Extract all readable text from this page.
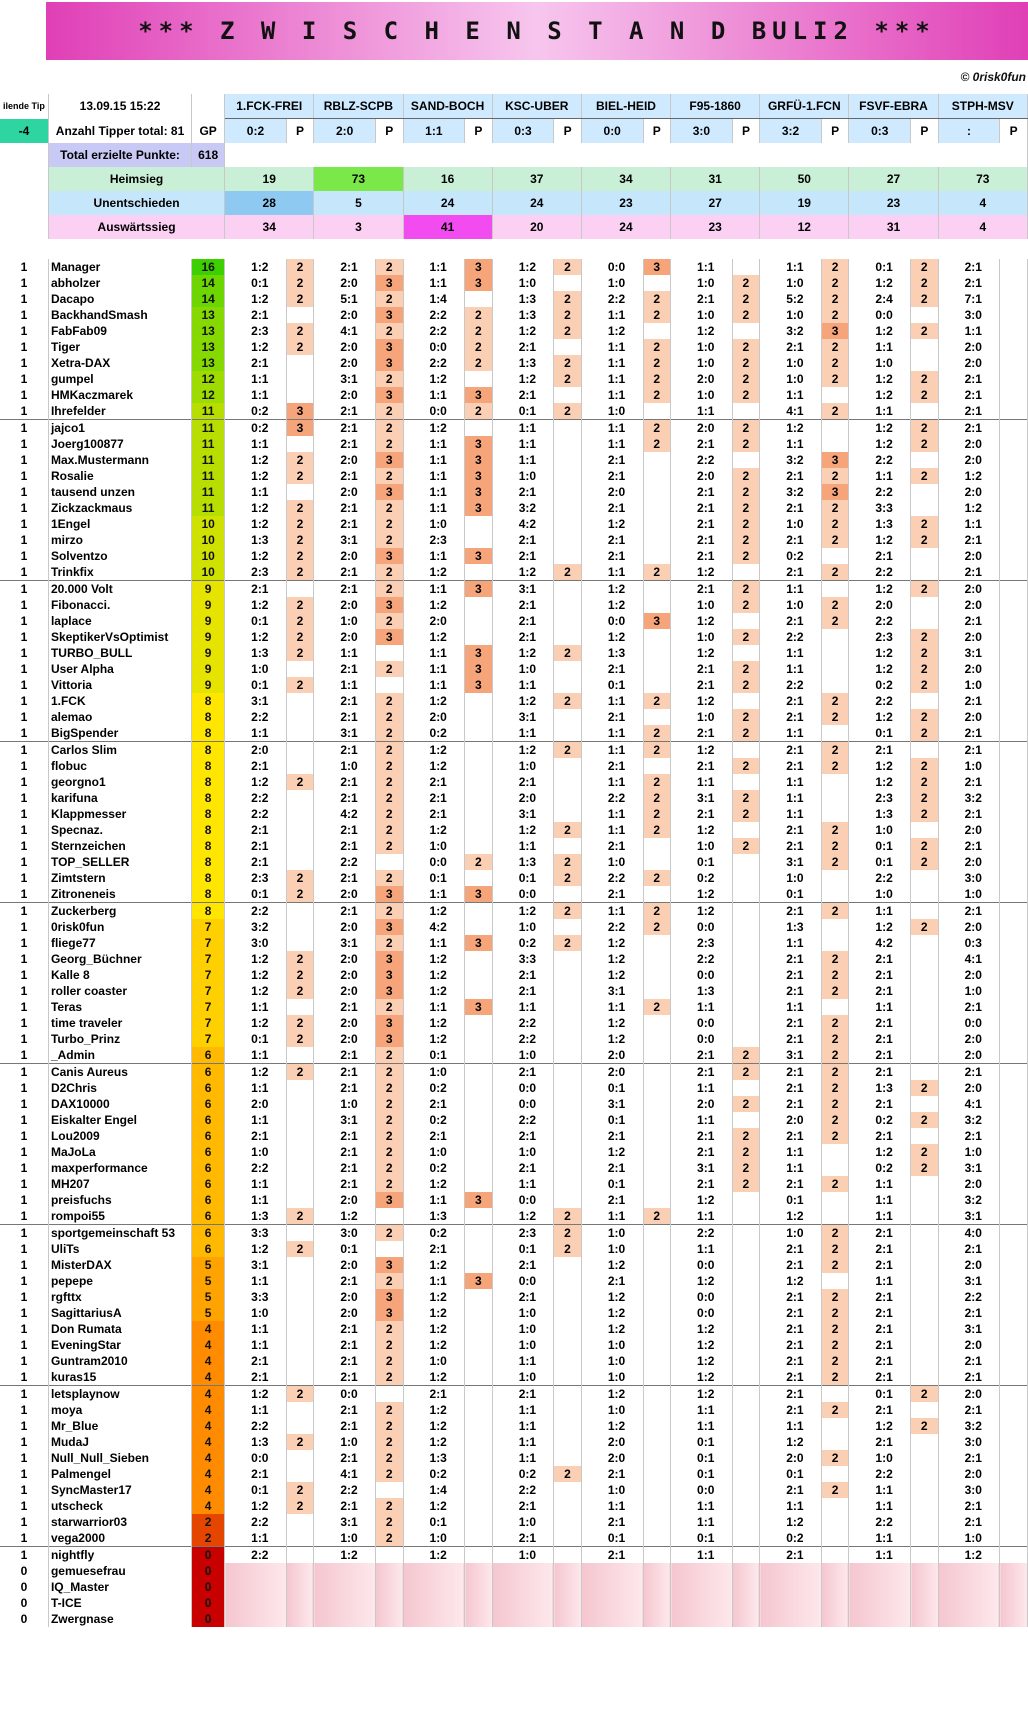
*** Z W I S C H E N S T A N D BULI2 ***
© 0risk0fun
ilende Tip	13.09.15 15:22		1.FCK-FREI		RBLZ-SCPB		SAND-BOCH		KSC-UBER		BIEL-HEID		F95-1860		GRFÜ-1.FCN		FSVF-EBRA		STPH-MSV	
-4	Anzahl Tipper total: 81	GP	0:2	P	2:0	P	1:1	P	0:3	P	0:0	P	3:0	P	3:2	P	0:3	P	:	P
	Total erzielte Punkte:	618																		
	Heimsieg		19		73		16		37		34		31		50		27		73	
	Unentschieden		28		5		24		24		23		27		19		23		4	
	Auswärtssieg		34		3		41		20		24		23		12		31		4	

1	Manager	16	1:2	2	2:1	2	1:1	3	1:2	2	0:0	3	1:1		1:1	2	0:1	2	2:1	
1	abholzer	14	0:1	2	2:0	3	1:1	3	1:0		1:0		1:0	2	1:0	2	1:2	2	2:1	
1	Dacapo	14	1:2	2	5:1	2	1:4		1:3	2	2:2	2	2:1	2	5:2	2	2:4	2	7:1	
1	BackhandSmash	13	2:1		2:0	3	2:2	2	1:3	2	1:1	2	1:0	2	1:0	2	0:0		3:0	
1	FabFab09	13	2:3	2	4:1	2	2:2	2	1:2	2	1:2		1:2		3:2	3	1:2	2	1:1	
1	Tiger	13	1:2	2	2:0	3	0:0	2	2:1		1:1	2	1:0	2	2:1	2	1:1		2:0	
1	Xetra-DAX	13	2:1		2:0	3	2:2	2	1:3	2	1:1	2	1:0	2	1:0	2	1:0		2:0	
1	gumpel	12	1:1		3:1	2	1:2		1:2	2	1:1	2	2:0	2	1:0	2	1:2	2	2:1	
1	HMKaczmarek	12	1:1		2:0	3	1:1	3	2:1		1:1	2	1:0	2	1:1		1:2	2	2:1	
1	Ihrefelder	11	0:2	3	2:1	2	0:0	2	0:1	2	1:0		1:1		4:1	2	1:1		2:1	
1	jajco1	11	0:2	3	2:1	2	1:2		1:1		1:1	2	2:0	2	1:2		1:2	2	2:1	
1	Joerg100877	11	1:1		2:1	2	1:1	3	1:1		1:1	2	2:1	2	1:1		1:2	2	2:0	
1	Max.Mustermann	11	1:2	2	2:0	3	1:1	3	1:1		2:1		2:2		3:2	3	2:2		2:0	
1	Rosalie	11	1:2	2	2:1	2	1:1	3	1:0		2:1		2:0	2	2:1	2	1:1	2	1:2	
1	tausend unzen	11	1:1		2:0	3	1:1	3	2:1		2:0		2:1	2	3:2	3	2:2		2:0	
1	Zickzackmaus	11	1:2	2	2:1	2	1:1	3	3:2		2:1		2:1	2	2:1	2	3:3		1:2	
1	1Engel	10	1:2	2	2:1	2	1:0		4:2		1:2		2:1	2	1:0	2	1:3	2	1:1	
1	mirzo	10	1:3	2	3:1	2	2:3		2:1		2:1		2:1	2	2:1	2	1:2	2	2:1	
1	Solventzo	10	1:2	2	2:0	3	1:1	3	2:1		2:1		2:1	2	0:2		2:1		2:0	
1	Trinkfix	10	2:3	2	2:1	2	1:2		1:2	2	1:1	2	1:2		2:1	2	2:2		2:1	
1	20.000 Volt	9	2:1		2:1	2	1:1	3	3:1		1:2		2:1	2	1:1		1:2	2	2:0	
1	Fibonacci.	9	1:2	2	2:0	3	1:2		2:1		1:2		1:0	2	1:0	2	2:0		2:0	
1	laplace	9	0:1	2	1:0	2	2:0		2:1		0:0	3	1:2		2:1	2	2:2		2:1	
1	SkeptikerVsOptimist	9	1:2	2	2:0	3	1:2		2:1		1:2		1:0	2	2:2		2:3	2	2:0	
1	TURBO_BULL	9	1:3	2	1:1		1:1	3	1:2	2	1:3		1:2		1:1		1:2	2	3:1	
1	User Alpha	9	1:0		2:1	2	1:1	3	1:0		2:1		2:1	2	1:1		1:2	2	2:0	
1	Vittoria	9	0:1	2	1:1		1:1	3	1:1		0:1		2:1	2	2:2		0:2	2	1:0	
1	1.FCK	8	3:1		2:1	2	1:2		1:2	2	1:1	2	1:2		2:1	2	2:2		2:1	
1	alemao	8	2:2		2:1	2	2:0		3:1		2:1		1:0	2	2:1	2	1:2	2	2:0	
1	BigSpender	8	1:1		3:1	2	0:2		1:1		1:1	2	2:1	2	1:1		0:1	2	2:1	
1	Carlos Slim	8	2:0		2:1	2	1:2		1:2	2	1:1	2	1:2		2:1	2	2:1		2:1	
1	flobuc	8	2:1		1:0	2	1:2		1:0		2:1		2:1	2	2:1	2	1:2	2	1:0	
1	georgno1	8	1:2	2	2:1	2	2:1		2:1		1:1	2	1:1		1:1		1:2	2	2:1	
1	karifuna	8	2:2		2:1	2	2:1		2:0		2:2	2	3:1	2	1:1		2:3	2	3:2	
1	Klappmesser	8	2:2		4:2	2	2:1		3:1		1:1	2	2:1	2	1:1		1:3	2	2:1	
1	Specnaz.	8	2:1		2:1	2	1:2		1:2	2	1:1	2	1:2		2:1	2	1:0		2:0	
1	Sternzeichen	8	2:1		2:1	2	1:0		1:1		2:1		1:0	2	2:1	2	0:1	2	2:1	
1	TOP_SELLER	8	2:1		2:2		0:0	2	1:3	2	1:0		0:1		3:1	2	0:1	2	2:0	
1	Zimtstern	8	2:3	2	2:1	2	0:1		0:1	2	2:2	2	0:2		1:0		2:2		3:0	
1	Zitroneneis	8	0:1	2	2:0	3	1:1	3	0:0		2:1		1:2		0:1		1:0		1:0	
1	Zuckerberg	8	2:2		2:1	2	1:2		1:2	2	1:1	2	1:2		2:1	2	1:1		2:1	
1	0risk0fun	7	3:2		2:0	3	4:2		1:0		2:2	2	0:0		1:3		1:2	2	2:0	
1	fliege77	7	3:0		3:1	2	1:1	3	0:2	2	1:2		2:3		1:1		4:2		0:3	
1	Georg_Büchner	7	1:2	2	2:0	3	1:2		3:3		1:2		2:2		2:1	2	2:1		4:1	
1	Kalle 8	7	1:2	2	2:0	3	1:2		2:1		1:2		0:0		2:1	2	2:1		2:0	
1	roller coaster	7	1:2	2	2:0	3	1:2		2:1		3:1		1:3		2:1	2	2:1		1:0	
1	Teras	7	1:1		2:1	2	1:1	3	1:1		1:1	2	1:1		1:1		1:1		2:1	
1	time traveler	7	1:2	2	2:0	3	1:2		2:2		1:2		0:0		2:1	2	2:1		0:0	
1	Turbo_Prinz	7	0:1	2	2:0	3	1:2		2:2		1:2		0:0		2:1	2	2:1		2:0	
1	_Admin	6	1:1		2:1	2	0:1		1:0		2:0		2:1	2	3:1	2	2:1		2:0	
1	Canis Aureus	6	1:2	2	2:1	2	1:0		2:1		2:0		2:1	2	2:1	2	2:1		2:1	
1	D2Chris	6	1:1		2:1	2	0:2		0:0		0:1		1:1		2:1	2	1:3	2	2:0	
1	DAX10000	6	2:0		1:0	2	2:1		0:0		3:1		2:0	2	2:1	2	2:1		4:1	
1	Eiskalter Engel	6	1:1		3:1	2	0:2		2:2		0:1		1:1		2:0	2	0:2	2	3:2	
1	Lou2009	6	2:1		2:1	2	2:1		2:1		2:1		2:1	2	2:1	2	2:1		2:1	
1	MaJoLa	6	1:0		2:1	2	1:0		1:0		1:2		2:1	2	1:1		1:2	2	1:0	
1	maxperformance	6	2:2		2:1	2	0:2		2:1		2:1		3:1	2	1:1		0:2	2	3:1	
1	MH207	6	1:1		2:1	2	1:2		1:1		0:1		2:1	2	2:1	2	1:1		2:0	
1	preisfuchs	6	1:1		2:0	3	1:1	3	0:0		2:1		1:2		0:1		1:1		3:2	
1	rompoi55	6	1:3	2	1:2		1:3		1:2	2	1:1	2	1:1		1:2		1:1		3:1	
1	sportgemeinschaft 53	6	3:3		3:0	2	0:2		2:3	2	1:0		2:2		1:0	2	2:1		4:0	
1	UliTs	6	1:2	2	0:1		2:1		0:1	2	1:0		1:1		2:1	2	2:1		2:1	
1	MisterDAX	5	3:1		2:0	3	1:2		2:1		1:2		0:0		2:1	2	2:1		2:0	
1	pepepe	5	1:1		2:1	2	1:1	3	0:0		2:1		1:2		1:2		1:1		3:1	
1	rgfttx	5	3:3		2:0	3	1:2		2:1		1:2		0:0		2:1	2	2:1		2:2	
1	SagittariusA	5	1:0		2:0	3	1:2		1:0		1:2		0:0		2:1	2	2:1		2:1	
1	Don Rumata	4	1:1		2:1	2	1:2		1:0		1:2		1:2		2:1	2	2:1		3:1	
1	EveningStar	4	1:1		2:1	2	1:2		1:0		1:0		1:2		2:1	2	2:1		2:0	
1	Guntram2010	4	2:1		2:1	2	1:0		1:1		1:0		1:2		2:1	2	2:1		2:1	
1	kuras15	4	2:1		2:1	2	1:2		1:0		1:0		1:2		2:1	2	2:1		2:1	
1	letsplaynow	4	1:2	2	0:0		2:1		2:1		1:2		1:2		2:1		0:1	2	2:0	
1	moya	4	1:1		2:1	2	1:2		1:1		1:0		1:1		2:1	2	2:1		2:1	
1	Mr_Blue	4	2:2		2:1	2	1:2		1:1		1:2		1:1		1:1		1:2	2	3:2	
1	MudaJ	4	1:3	2	1:0	2	1:2		1:1		2:0		0:1		1:2		2:1		3:0	
1	Null_Null_Sieben	4	0:0		2:1	2	1:3		1:1		2:0		0:1		2:0	2	1:0		2:1	
1	Palmengel	4	2:1		4:1	2	0:2		0:2	2	2:1		0:1		0:1		2:2		2:0	
1	SyncMaster17	4	0:1	2	2:2		1:4		2:2		1:0		0:0		2:1	2	1:1		3:0	
1	utscheck	4	1:2	2	2:1	2	1:2		2:1		1:1		1:1		1:1		1:1		2:1	
1	starwarrior03	2	2:2		3:1	2	0:1		1:0		2:1		1:1		1:2		2:2		2:1	
1	vega2000	2	1:1		1:0	2	1:0		2:1		0:1		0:1		0:2		1:1		1:0	
1	nightfly	0	2:2		1:2		1:2		1:0		2:1		1:1		2:1		1:1		1:2	
0	gemuesefrau	0																		
0	IQ_Master	0																		
0	T-ICE	0																		
0	Zwergnase	0																		
